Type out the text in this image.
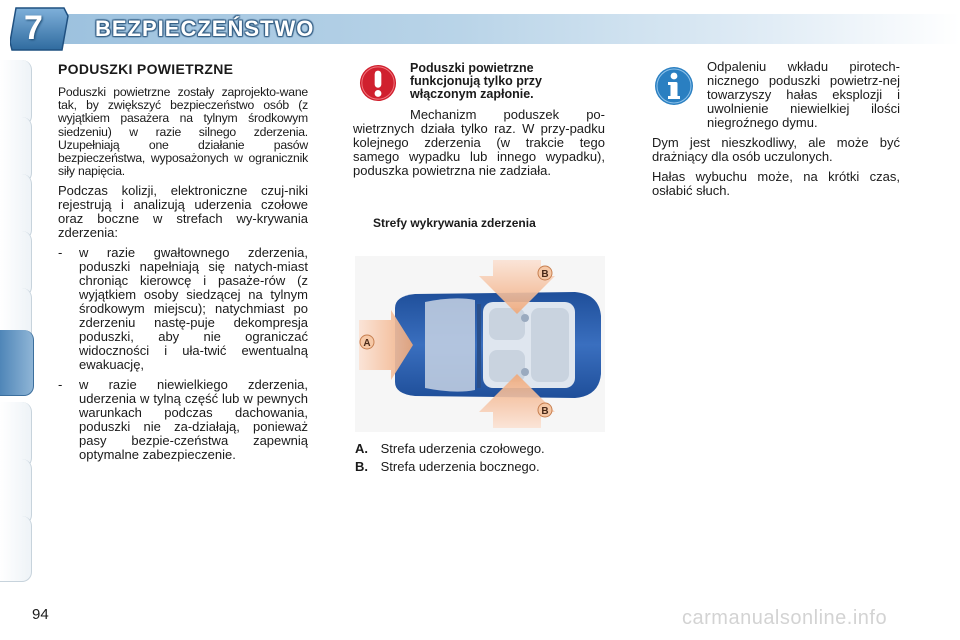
7 BEZPIECZEŃSTWO
PODUSZKI POWIETRZNE

Poduszki powietrzne zostały zaprojekto-wane tak, by zwiększyć bezpieczeństwo osób (z wyjątkiem pasażera na tylnym środkowym siedzeniu) w razie silnego zderzenia. Uzupełniają one działanie pasów bezpieczeństwa, wyposażonych w ogranicznik siły napięcia.

Podczas kolizji, elektroniczne czuj-niki rejestrują i analizują uderzenia czołowe oraz boczne w strefach wy-krywania zderzenia:

- w razie gwałtownego zderzenia, poduszki napełniają się natych-miast chroniąc kierowcę i pasaże-rów (z wyjątkiem osoby siedzącej na tylnym środkowym miejscu); natychmiast po zderzeniu nastę-puje dekompresja poduszki, aby nie ograniczać widoczności i uła-twić ewentualną ewakuację,
- w razie niewielkiego zderzenia, uderzenia w tylną część lub w pewnych warunkach podczas dachowania, poduszki nie za-działają, ponieważ pasy bezpie-czeństwa zapewnią optymalne zabezpieczenie.
Poduszki powietrzne funkcjonują tylko przy włączonym zapłonie.

Mechanizm poduszek po-wietrznych działa tylko raz. W przy-padku kolejnego zderzenia (w trakcie tego samego wypadku lub innego wypadku), poduszka powietrzna nie zadziała.

Strefy wykrywania zderzenia
A
B
B
A. Strefa uderzenia czołowego.
B. Strefa uderzenia bocznego.

Odpaleniu wkładu pirotech-nicznego poduszki powietrz-nej towarzyszy hałas eksplozji i uwolnienie niewielkiej ilości niegroźnego dymu.

Dym jest nieszkodliwy, ale może być drażniący dla osób uczulonych.

Hałas wybuchu może, na krótki czas, osłabić słuch.

94	carmanualsonline.info
